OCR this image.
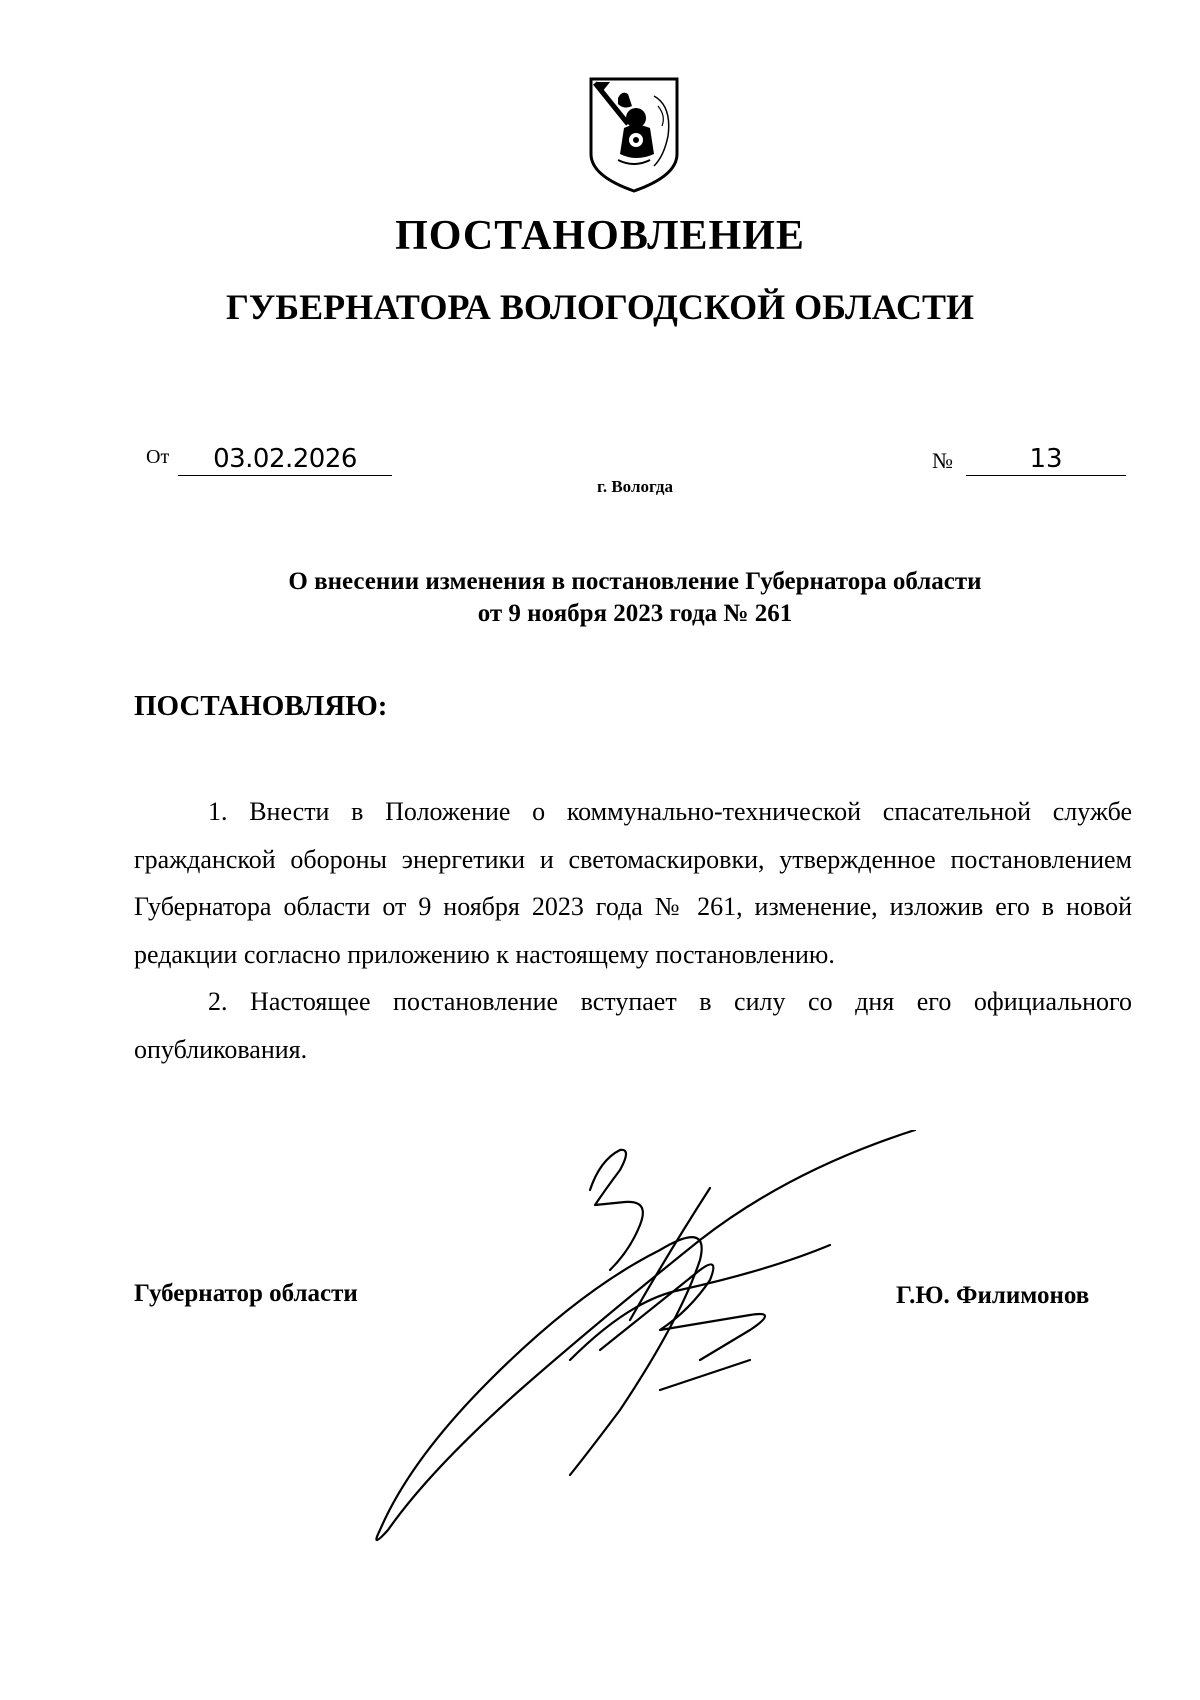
ПОСТАНОВЛЕНИЕ
ГУБЕРНАТОРА ВОЛОГОДСКОЙ ОБЛАСТИ
От	03.02.2026	№	13
г. Вологда
О внесении изменения в постановление Губернатора области
от 9 ноября 2023 года № 261
ПОСТАНОВЛЯЮ:

1. Внести в Положение о коммунально-технической спасательной службе гражданской обороны энергетики и светомаскировки, утвержденное постановлением Губернатора области от 9 ноября 2023 года № 261, изменение, изложив его в новой редакции согласно приложению к настоящему постановлению.

2. Настоящее постановление вступает в силу со дня его официального опубликования.

Губернатор области	Г.Ю. Филимонов
